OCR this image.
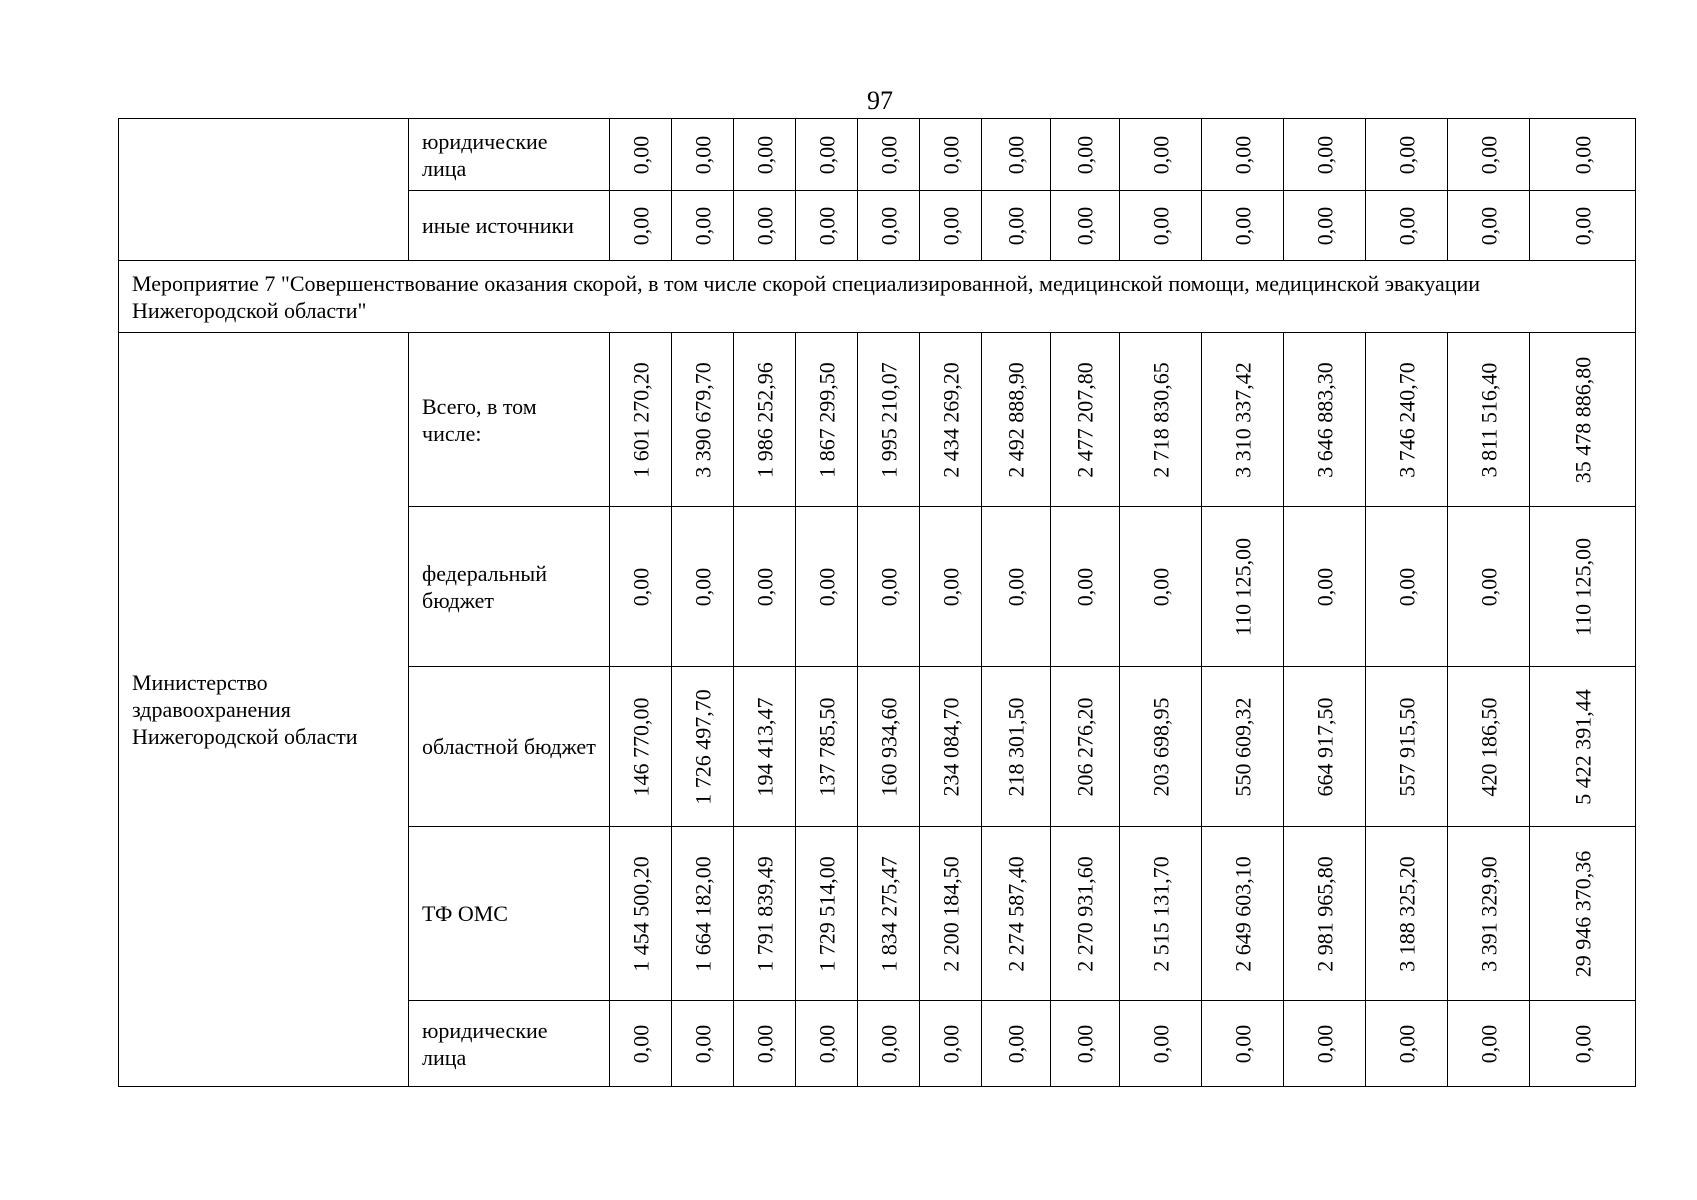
97
	юридические лица	0,00	0,00	0,00	0,00	0,00	0,00	0,00	0,00	0,00	0,00	0,00	0,00	0,00	0,00

	иные источники	0,00	0,00	0,00	0,00	0,00	0,00	0,00	0,00	0,00	0,00	0,00	0,00	0,00	0,00

Мероприятие 7 "Совершенствование оказания скорой, в том числе скорой специализированной, медицинской помощи, медицинской эвакуации Нижегородской области"															
Министерство здравоохранения Нижегородской области	Всего, в том числе:	1 601 270,20	3 390 679,70	1 986 252,96	1 867 299,50	1 995 210,07	2 434 269,20	2 492 888,90	2 477 207,80	2 718 830,65	3 310 337,42	3 646 883,30	3 746 240,70	3 811 516,40	35 478 886,80

	федеральный бюджет	0,00	0,00	0,00	0,00	0,00	0,00	0,00	0,00	0,00	110 125,00	0,00	0,00	0,00	110 125,00

	областной бюджет	146 770,00	1 726 497,70	194 413,47	137 785,50	160 934,60	234 084,70	218 301,50	206 276,20	203 698,95	550 609,32	664 917,50	557 915,50	420 186,50	5 422 391,44

	ТФ ОМС	1 454 500,20	1 664 182,00	1 791 839,49	1 729 514,00	1 834 275,47	2 200 184,50	2 274 587,40	2 270 931,60	2 515 131,70	2 649 603,10	2 981 965,80	3 188 325,20	3 391 329,90	29 946 370,36

	юридические лица	0,00	0,00	0,00	0,00	0,00	0,00	0,00	0,00	0,00	0,00	0,00	0,00	0,00	0,00
